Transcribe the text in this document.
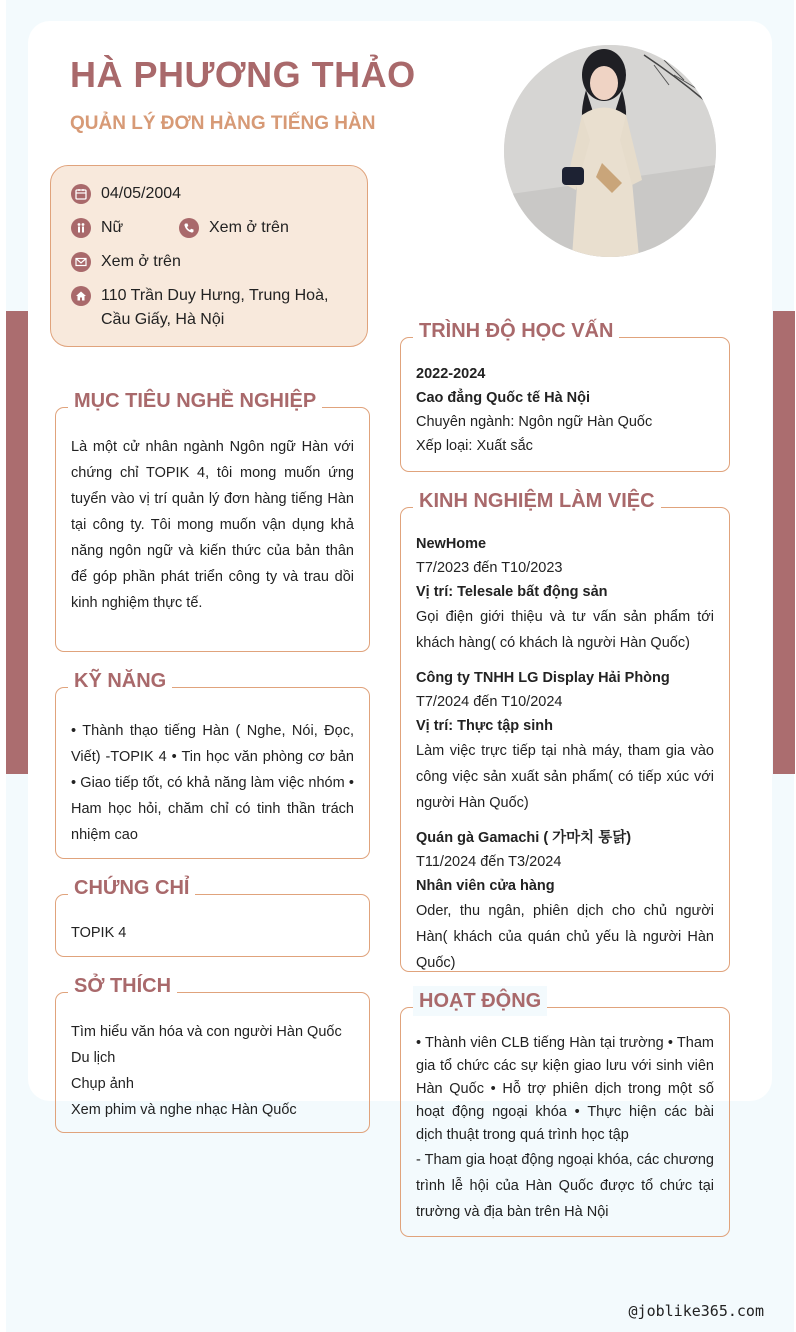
HÀ PHƯƠNG THẢO
QUẢN LÝ ĐƠN HÀNG TIẾNG HÀN
04/05/2004
Nữ	Xem ở trên
Xem ở trên
110 Trần Duy Hưng, Trung Hoà,
Cầu Giấy, Hà Nội
MỤC TIÊU NGHỀ NGHIỆP
Là một cử nhân ngành Ngôn ngữ Hàn với chứng chỉ TOPIK 4, tôi mong muốn ứng tuyển vào vị trí quản lý đơn hàng tiếng Hàn tại công ty. Tôi mong muốn vận dụng khả năng ngôn ngữ và kiến thức của bản thân để góp phần phát triển công ty và trau dồi kinh nghiệm thực tế.
KỸ NĂNG
• Thành thạo tiếng Hàn ( Nghe, Nói, Đọc, Viết) -TOPIK 4 • Tin học văn phòng cơ bản • Giao tiếp tốt, có khả năng làm việc nhóm • Ham học hỏi, chăm chỉ có tinh thần trách nhiệm cao
CHỨNG CHỈ
TOPIK 4
SỞ THÍCH
Tìm hiểu văn hóa và con người Hàn Quốc
Du lịch
Chụp ảnh
Xem phim và nghe nhạc Hàn Quốc
TRÌNH ĐỘ HỌC VẤN
2022-2024
Cao đẳng Quốc tế Hà Nội
Chuyên ngành: Ngôn ngữ Hàn Quốc
Xếp loại: Xuất sắc
KINH NGHIỆM LÀM VIỆC
NewHome
T7/2023 đến T10/2023
Vị trí: Telesale bất động sản
Gọi điện giới thiệu và tư vấn sản phẩm tới khách hàng( có khách là người Hàn Quốc)
Công ty TNHH LG Display Hải Phòng
T7/2024 đến T10/2024
Vị trí: Thực tập sinh
Làm việc trực tiếp tại nhà máy, tham gia vào công việc sản xuất sản phẩm( có tiếp xúc với người Hàn Quốc)
Quán gà Gamachi ( 가마치 통닭)
T11/2024 đến T3/2024
Nhân viên cửa hàng
Oder, thu ngân, phiên dịch cho chủ người Hàn( khách của quán chủ yếu là người Hàn Quốc)
HOẠT ĐỘNG
• Thành viên CLB tiếng Hàn tại trường • Tham gia tổ chức các sự kiện giao lưu với sinh viên Hàn Quốc • Hỗ trợ phiên dịch trong một số hoạt động ngoại khóa • Thực hiện các bài dịch thuật trong quá trình học tập
- Tham gia hoạt động ngoại khóa, các chương trình lễ hội của Hàn Quốc được tổ chức tại trường và địa bàn trên Hà Nội
@joblike365.com
